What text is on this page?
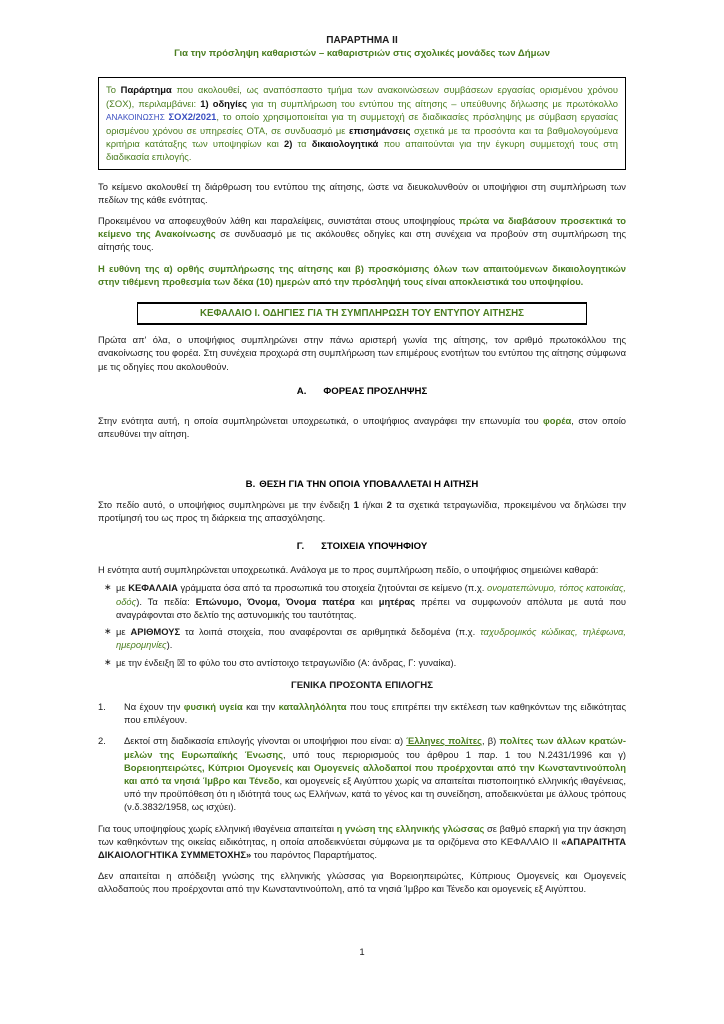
ΠΑΡΑΡΤΗΜΑ ΙΙ

Για την πρόσληψη καθαριστών – καθαριστριών στις σχολικές μονάδες των Δήμων

Το Παράρτημα που ακολουθεί, ως αναπόσπαστο τμήμα των ανακοινώσεων συμβάσεων εργασίας ορισμένου χρόνου (ΣΟΧ), περιλαμβάνει: 1) οδηγίες για τη συμπλήρωση του εντύπου της αίτησης – υπεύθυνης δήλωσης με πρωτόκολλο ΑΝΑΚΟΙΝΩΣΗΣ ΣΟΧ2/2021, το οποίο χρησιμοποιείται για τη συμμετοχή σε διαδικασίες πρόσληψης με σύμβαση εργασίας ορισμένου χρόνου σε υπηρεσίες ΟΤΑ, σε συνδυασμό με επισημάνσεις σχετικά με τα προσόντα και τα βαθμολογούμενα κριτήρια κατάταξης των υποψηφίων και 2) τα δικαιολογητικά που απαιτούνται για την έγκυρη συμμετοχή τους στη διαδικασία επιλογής.

Το κείμενο ακολουθεί τη διάρθρωση του εντύπου της αίτησης, ώστε να διευκολυνθούν οι υποψήφιοι στη συμπλήρωση των πεδίων της κάθε ενότητας.

Προκειμένου να αποφευχθούν λάθη και παραλείψεις, συνιστάται στους υποψηφίους πρώτα να διαβάσουν προσεκτικά το κείμενο της Ανακοίνωσης σε συνδυασμό με τις ακόλουθες οδηγίες και στη συνέχεια να προβούν στη συμπλήρωση της αίτησής τους.

Η ευθύνη της α) ορθής συμπλήρωσης της αίτησης και β) προσκόμισης όλων των απαιτούμενων δικαιολογητικών στην τιθέμενη προθεσμία των δέκα (10) ημερών από την πρόσληψή τους είναι αποκλειστικά του υποψηφίου.

ΚΕΦΑΛΑΙΟ Ι. ΟΔΗΓΙΕΣ ΓΙΑ ΤΗ ΣΥΜΠΛΗΡΩΣΗ ΤΟΥ ΕΝΤΥΠΟΥ ΑΙΤΗΣΗΣ

Πρώτα απ' όλα, ο υποψήφιος συμπληρώνει στην πάνω αριστερή γωνία της αίτησης, τον αριθμό πρωτοκόλλου της ανακοίνωσης του φορέα. Στη συνέχεια προχωρά στη συμπλήρωση των επιμέρους ενοτήτων του εντύπου της αίτησης σύμφωνα με τις οδηγίες που ακολουθούν.

Α. ΦΟΡΕΑΣ ΠΡΟΣΛΗΨΗΣ

Στην ενότητα αυτή, η οποία συμπληρώνεται υποχρεωτικά, ο υποψήφιος αναγράφει την επωνυμία του φορέα, στον οποίο απευθύνει την αίτηση.

Β. ΘΕΣΗ ΓΙΑ ΤΗΝ ΟΠΟΙΑ ΥΠΟΒΑΛΛΕΤΑΙ Η ΑΙΤΗΣΗ

Στο πεδίο αυτό, ο υποψήφιος συμπληρώνει με την ένδειξη 1 ή/και 2 τα σχετικά τετραγωνίδια, προκειμένου να δηλώσει την προτίμησή του ως προς τη διάρκεια της απασχόλησης.

Γ. ΣΤΟΙΧΕΙΑ ΥΠΟΨΗΦΙΟΥ

Η ενότητα αυτή συμπληρώνεται υποχρεωτικά. Ανάλογα με το προς συμπλήρωση πεδίο, ο υποψήφιος σημειώνει καθαρά:

∗ με ΚΕΦΑΛΑΙΑ γράμματα όσα από τα προσωπικά του στοιχεία ζητούνται σε κείμενο (π.χ. ονοματεπώνυμο, τόπος κατοικίας, οδός). Τα πεδία: Επώνυμο, Όνομα, Όνομα πατέρα και μητέρας πρέπει να συμφωνούν απόλυτα με αυτά που αναγράφονται στο δελτίο της αστυνομικής του ταυτότητας.
∗ με ΑΡΙΘΜΟΥΣ τα λοιπά στοιχεία, που αναφέρονται σε αριθμητικά δεδομένα (π.χ. ταχυδρομικός κώδικας, τηλέφωνα, ημερομηνίες).
∗ με την ένδειξη ☒ το φύλο του στο αντίστοιχο τετραγωνίδιο (Α: άνδρας, Γ: γυναίκα).

ΓΕΝΙΚΑ ΠΡΟΣΟΝΤΑ ΕΠΙΛΟΓΗΣ

1.	Να έχουν την φυσική υγεία και την καταλληλόλητα που τους επιτρέπει την εκτέλεση των καθηκόντων της ειδικότητας που επιλέγουν.
2.	Δεκτοί στη διαδικασία επιλογής γίνονται οι υποψήφιοι που είναι: α) Έλληνες πολίτες, β) πολίτες των άλλων κρατών-μελών της Ευρωπαϊκής Ένωσης, υπό τους περιορισμούς του άρθρου 1 παρ. 1 του Ν.2431/1996 και γ) Βορειοηπειρώτες, Κύπριοι Ομογενείς και Ομογενείς αλλοδαποί που προέρχονται από την Κωνσταντινούπολη και από τα νησιά Ίμβρο και Τένεδο, και ομογενείς εξ Αιγύπτου χωρίς να απαιτείται πιστοποιητικό ελληνικής ιθαγένειας, υπό την προϋπόθεση ότι η ιδιότητά τους ως Ελλήνων, κατά το γένος και τη συνείδηση, αποδεικνύεται με άλλους τρόπους (ν.δ.3832/1958, ως ισχύει).

Για τους υποψηφίους χωρίς ελληνική ιθαγένεια απαιτείται η γνώση της ελληνικής γλώσσας σε βαθμό επαρκή για την άσκηση των καθηκόντων της οικείας ειδικότητας, η οποία αποδεικνύεται σύμφωνα με τα οριζόμενα στο ΚΕΦΑΛΑΙΟ ΙΙ «ΑΠΑΡΑΙΤΗΤΑ ΔΙΚΑΙΟΛΟΓΗΤΙΚΑ ΣΥΜΜΕΤΟΧΗΣ» του παρόντος Παραρτήματος.

Δεν απαιτείται η απόδειξη γνώσης της ελληνικής γλώσσας για Βορειοηπειρώτες, Κύπριους Ομογενείς και Ομογενείς αλλοδαπούς που προέρχονται από την Κωνσταντινούπολη, από τα νησιά Ίμβρο και Τένεδο και ομογενείς εξ Αιγύπτου.

1
